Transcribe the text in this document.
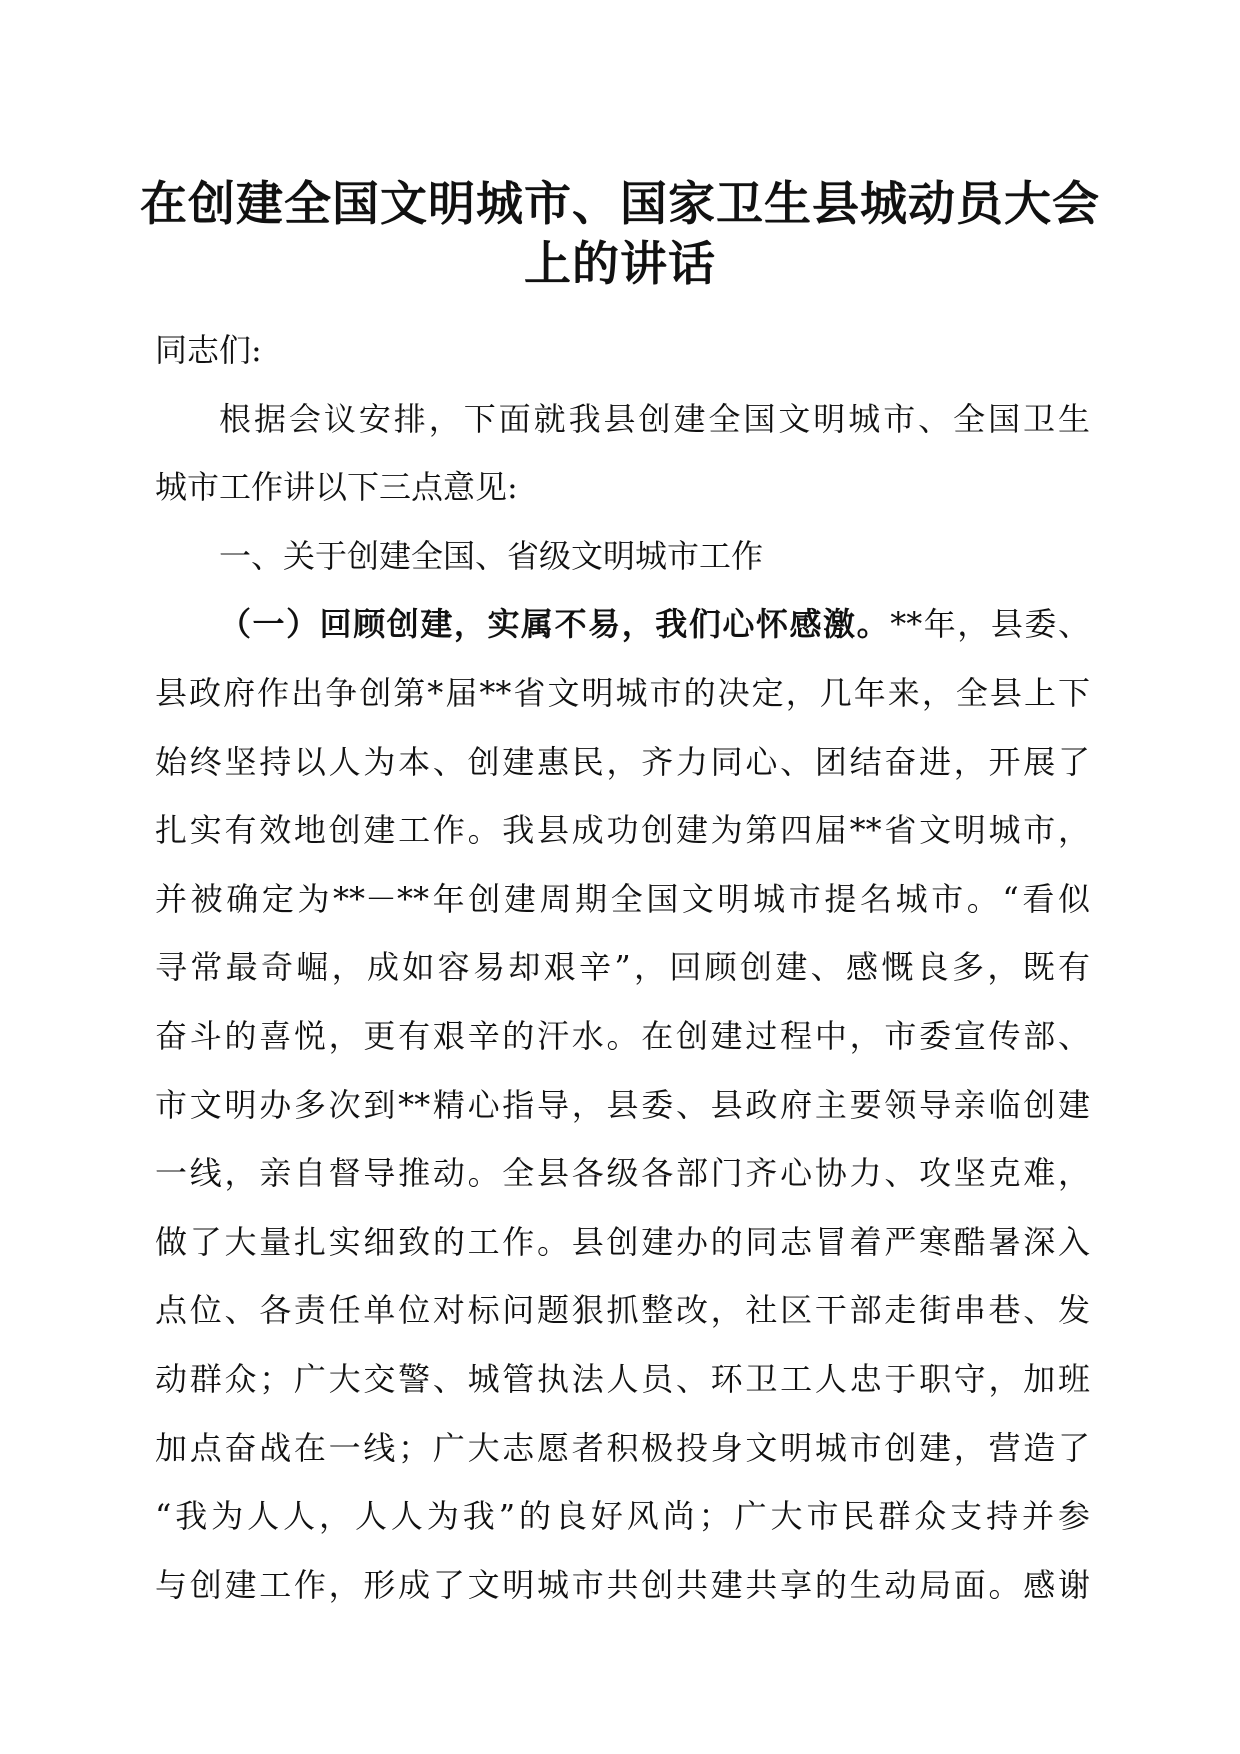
在创建全国文明城市、国家卫生县城动员大会
上的讲话

同志们:

根据会议安排，下面就我县创建全国文明城市、全国卫生
城市工作讲以下三点意见:

一、关于创建全国、省级文明城市工作

（一）回顾创建，实属不易，我们心怀感激。**年，县委、
县政府作出争创第*届**省文明城市的决定，几年来，全县上下
始终坚持以人为本、创建惠民，齐力同心、团结奋进，开展了
扎实有效地创建工作。我县成功创建为第四届**省文明城市，
并被确定为**－**年创建周期全国文明城市提名城市。“看似
寻常最奇崛，成如容易却艰辛”，回顾创建、感慨良多，既有
奋斗的喜悦，更有艰辛的汗水。在创建过程中，市委宣传部、
市文明办多次到**精心指导，县委、县政府主要领导亲临创建
一线，亲自督导推动。全县各级各部门齐心协力、攻坚克难，
做了大量扎实细致的工作。县创建办的同志冒着严寒酷暑深入
点位、各责任单位对标问题狠抓整改，社区干部走街串巷、发
动群众；广大交警、城管执法人员、环卫工人忠于职守，加班
加点奋战在一线；广大志愿者积极投身文明城市创建，营造了
“我为人人，人人为我”的良好风尚；广大市民群众支持并参
与创建工作，形成了文明城市共创共建共享的生动局面。感谢
